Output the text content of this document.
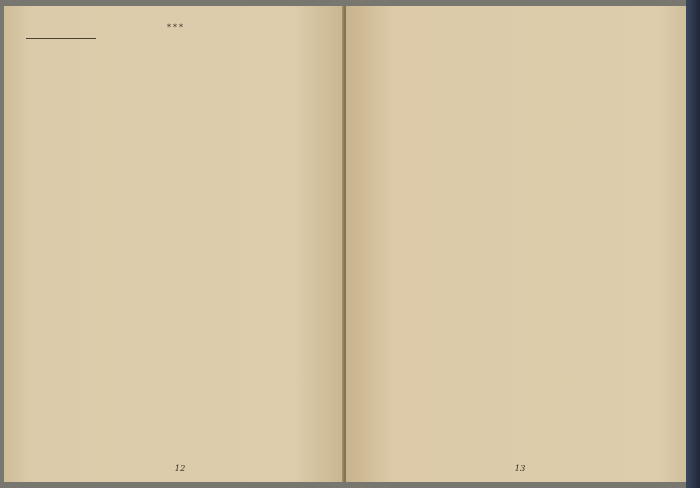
***

12	13
